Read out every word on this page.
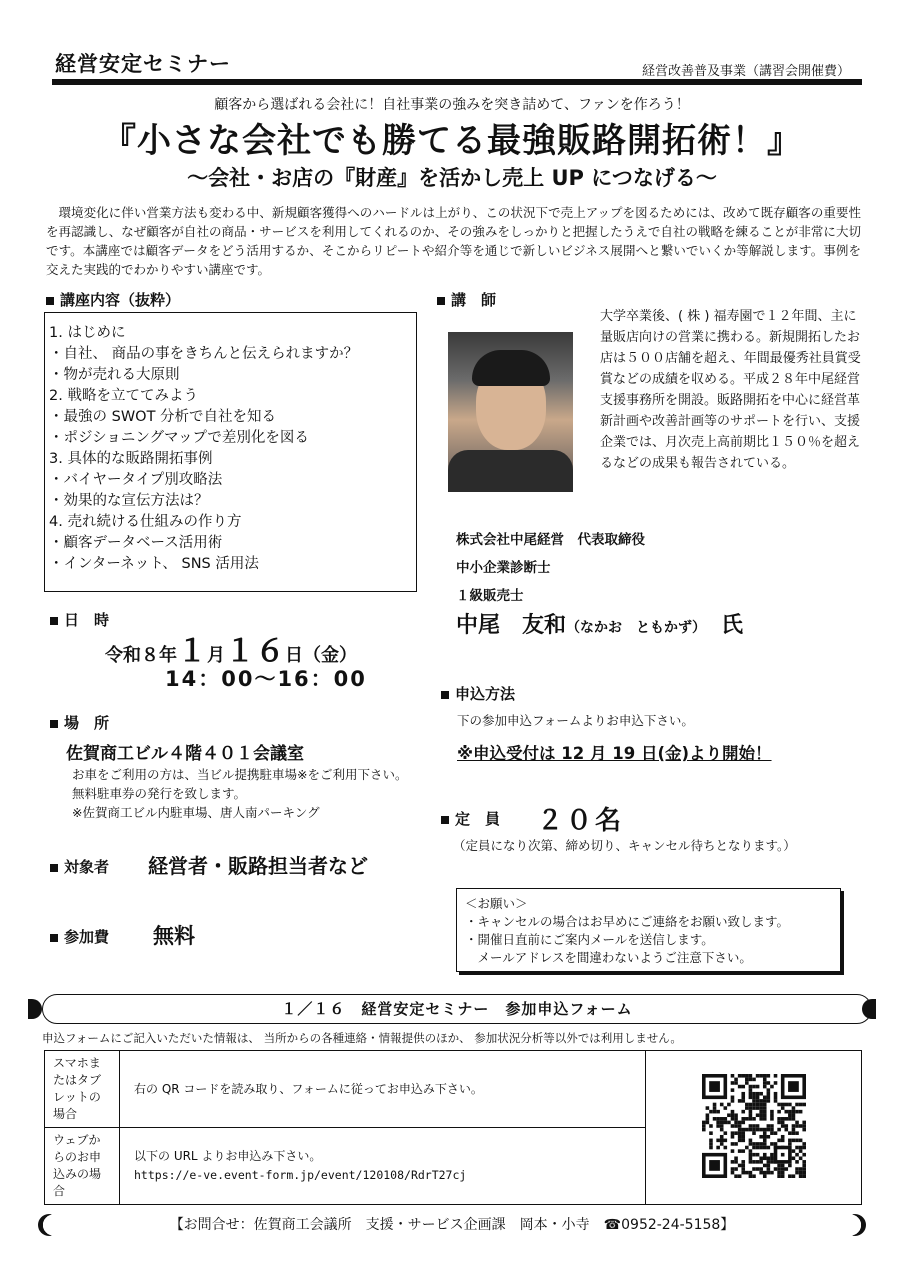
経営安定セミナー	経営改善普及事業（講習会開催費）
顧客から選ばれる会社に！自社事業の強みを突き詰めて、ファンを作ろう！
『小さな会社でも勝てる最強販路開拓術！』
～会社・お店の『財産』を活かし売上 UP につなげる～

環境変化に伴い営業方法も変わる中、新規顧客獲得へのハードルは上がり、この状況下で売上アップを図るためには、改めて既存顧客の重要性を再認識し、なぜ顧客が自社の商品・サービスを利用してくれるのか、その強みをしっかりと把握したうえで自社の戦略を練ることが非常に大切です。本講座では顧客データをどう活用するか、そこからリピートや紹介等を通じで新しいビジネス展開へと繋いでいくか等解説します。事例を交えた実践的でわかりやすい講座です。

講座内容（抜粋）
1. はじめに
・自社、 商品の事をきちんと伝えられますか？
・物が売れる大原則
2. 戦略を立ててみよう
・最強の SWOT 分析で自社を知る
・ポジショニングマップで差別化を図る
3. 具体的な販路開拓事例
・バイヤータイプ別攻略法
・効果的な宣伝方法は？
4. 売れ続ける仕組みの作り方
・顧客データベース活用術
・インターネット、 SNS 活用法
講　師

大学卒業後、( 株 ) 福寿園で１２年間、主に量販店向けの営業に携わる。新規開拓したお店は５００店舗を超え、年間最優秀社員賞受賞などの成績を収める。平成２８年中尾経営支援事務所を開設。販路開拓を中心に経営革新計画や改善計画等のサポートを行い、支援企業では、月次売上高前期比１５０％を超えるなどの成果も報告されている。

株式会社中尾経営　代表取締役
中小企業診断士
１級販売士
中尾　友和（なかお　ともかず）　 氏
日　時
令和８年１月１６日（金）
14：00～16：00
場　所
佐賀商工ビル４階４０１会議室
お車をご利用の方は、当ビル提携駐車場※をご利用下さい。
無料駐車券の発行を致します。
※佐賀商工ビル内駐車場、唐人南パーキング
対象者 経営者・販路担当者など
参加費 無料
申込方法
下の参加申込フォームよりお申込下さい。
※申込受付は 12 月 19 日(金)より開始！
定　員 ２０名
（定員になり次第、締め切り、キャンセル待ちとなります。）
＜お願い＞
・キャンセルの場合はお早めにご連絡をお願い致します。
・開催日直前にご案内メールを送信します。
　メールアドレスを間違わないようご注意下さい。
１／１６　経営安定セミナー　参加申込フォーム
申込フォームにご記入いただいた情報は、 当所からの各種連絡・情報提供のほか、 参加状況分析等以外では利用しません。
スマホまたはタブレットの場合	右の QR コードを読み取り、フォームに従ってお申込み下さい。

ウェブからのお申込みの場合	以下の URL よりお申込み下さい。
https://e-ve.event-form.jp/event/120108/RdrT27cj	
【お問合せ：佐賀商工会議所　支援・サービス企画課　岡本・小寺　☎0952-24-5158】
